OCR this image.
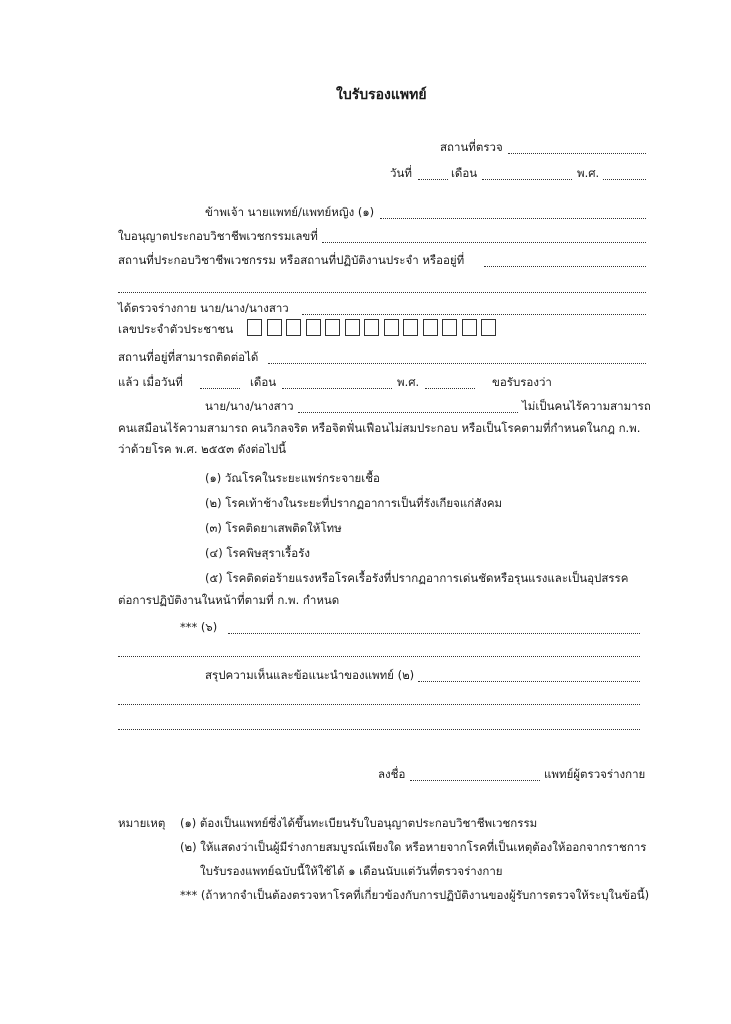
ใบรับรองแพทย์
สถานที่ตรวจ
วันที่	เดือน	พ.ศ.
ข้าพเจ้า นายแพทย์/แพทย์หญิง (๑)
ใบอนุญาตประกอบวิชาชีพเวชกรรมเลขที่
สถานที่ประกอบวิชาชีพเวชกรรม หรือสถานที่ปฏิบัติงานประจำ หรืออยู่ที่
ได้ตรวจร่างกาย นาย/นาง/นางสาว
เลขประจำตัวประชาชน
สถานที่อยู่ที่สามารถติดต่อได้
แล้ว เมื่อวันที่	เดือน	พ.ศ.	ขอรับรองว่า
นาย/นาง/นางสาว	ไม่เป็นคนไร้ความสามารถ
คนเสมือนไร้ความสามารถ คนวิกลจริต หรือจิตฟั่นเฟือนไม่สมประกอบ หรือเป็นโรคตามที่กำหนดในกฎ ก.พ.
ว่าด้วยโรค พ.ศ. ๒๕๕๓ ดังต่อไปนี้
(๑) วัณโรคในระยะแพร่กระจายเชื้อ
(๒) โรคเท้าช้างในระยะที่ปรากฏอาการเป็นที่รังเกียจแก่สังคม
(๓) โรคติดยาเสพติดให้โทษ
(๔) โรคพิษสุราเรื้อรัง
(๕) โรคติดต่อร้ายแรงหรือโรคเรื้อรังที่ปรากฏอาการเด่นชัดหรือรุนแรงและเป็นอุปสรรค
ต่อการปฏิบัติงานในหน้าที่ตามที่ ก.พ. กำหนด
*** (๖)
สรุปความเห็นและข้อแนะนำของแพทย์ (๒)
ลงชื่อ	แพทย์ผู้ตรวจร่างกาย
หมายเหตุ (๑) ต้องเป็นแพทย์ซึ่งได้ขึ้นทะเบียนรับใบอนุญาตประกอบวิชาชีพเวชกรรม
(๒) ให้แสดงว่าเป็นผู้มีร่างกายสมบูรณ์เพียงใด หรือหายจากโรคที่เป็นเหตุต้องให้ออกจากราชการ
ใบรับรองแพทย์ฉบับนี้ให้ใช้ได้ ๑ เดือนนับแต่วันที่ตรวจร่างกาย
*** (ถ้าหากจำเป็นต้องตรวจหาโรคที่เกี่ยวข้องกับการปฏิบัติงานของผู้รับการตรวจให้ระบุในข้อนี้)
